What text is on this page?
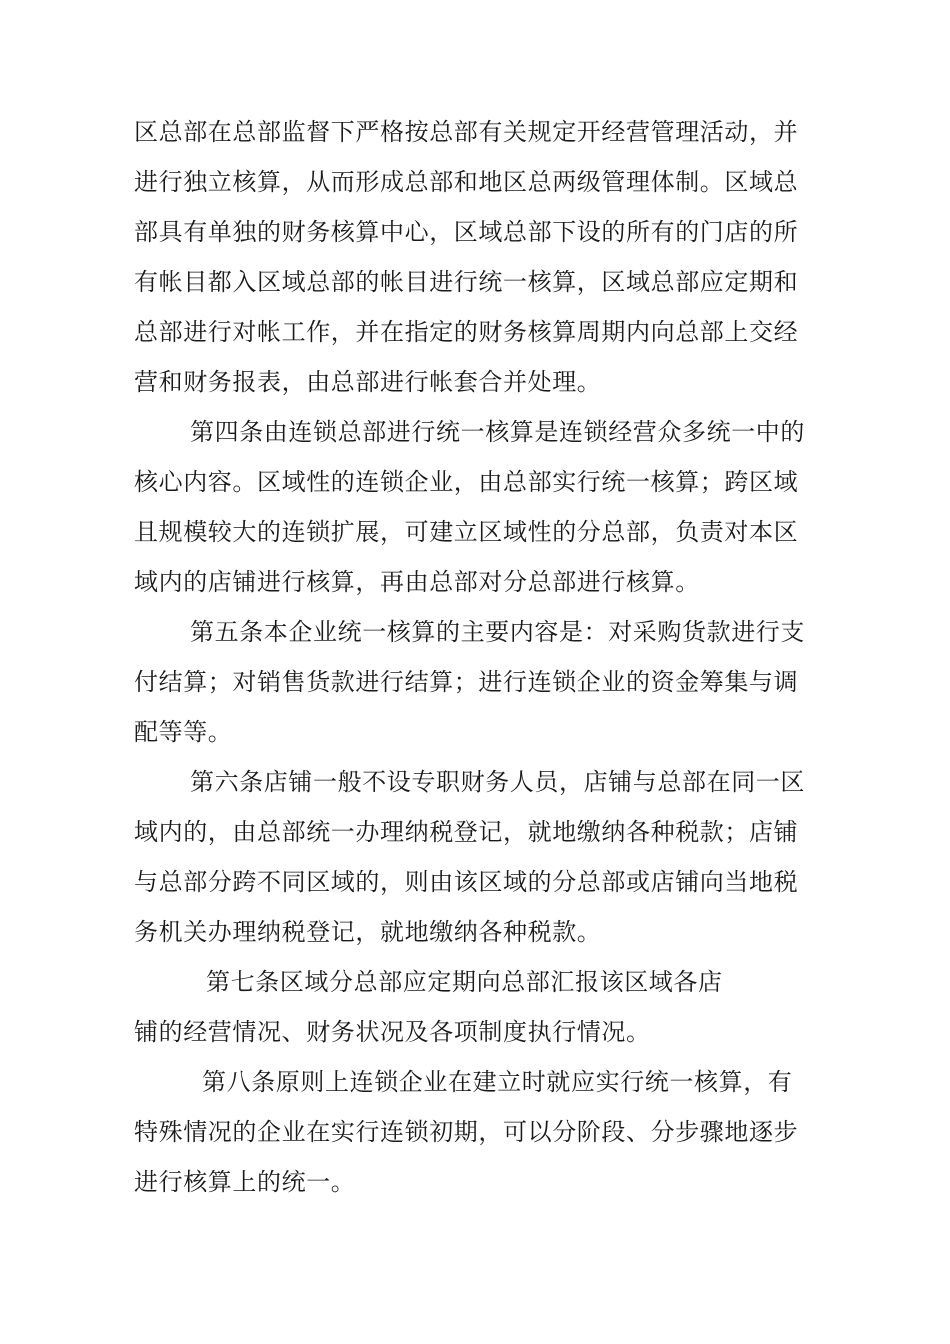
区总部在总部监督下严格按总部有关规定开经营管理活动，并
进行独立核算，从而形成总部和地区总两级管理体制。区域总
部具有单独的财务核算中心，区域总部下设的所有的门店的所
有帐目都入区域总部的帐目进行统一核算，区域总部应定期和
总部进行对帐工作，并在指定的财务核算周期内向总部上交经
营和财务报表，由总部进行帐套合并处理。

第四条由连锁总部进行统一核算是连锁经营众多统一中的
核心内容。区域性的连锁企业，由总部实行统一核算；跨区域
且规模较大的连锁扩展，可建立区域性的分总部，负责对本区
域内的店铺进行核算，再由总部对分总部进行核算。

第五条本企业统一核算的主要内容是：对采购货款进行支
付结算；对销售货款进行结算；进行连锁企业的资金筹集与调
配等等。

第六条店铺一般不设专职财务人员，店铺与总部在同一区
域内的，由总部统一办理纳税登记，就地缴纳各种税款；店铺
与总部分跨不同区域的，则由该区域的分总部或店铺向当地税
务机关办理纳税登记，就地缴纳各种税款。

第七条区域分总部应定期向总部汇报该区域各店
铺的经营情况、财务状况及各项制度执行情况。

第八条原则上连锁企业在建立时就应实行统一核算，有
特殊情况的企业在实行连锁初期，可以分阶段、分步骤地逐步
进行核算上的统一。
